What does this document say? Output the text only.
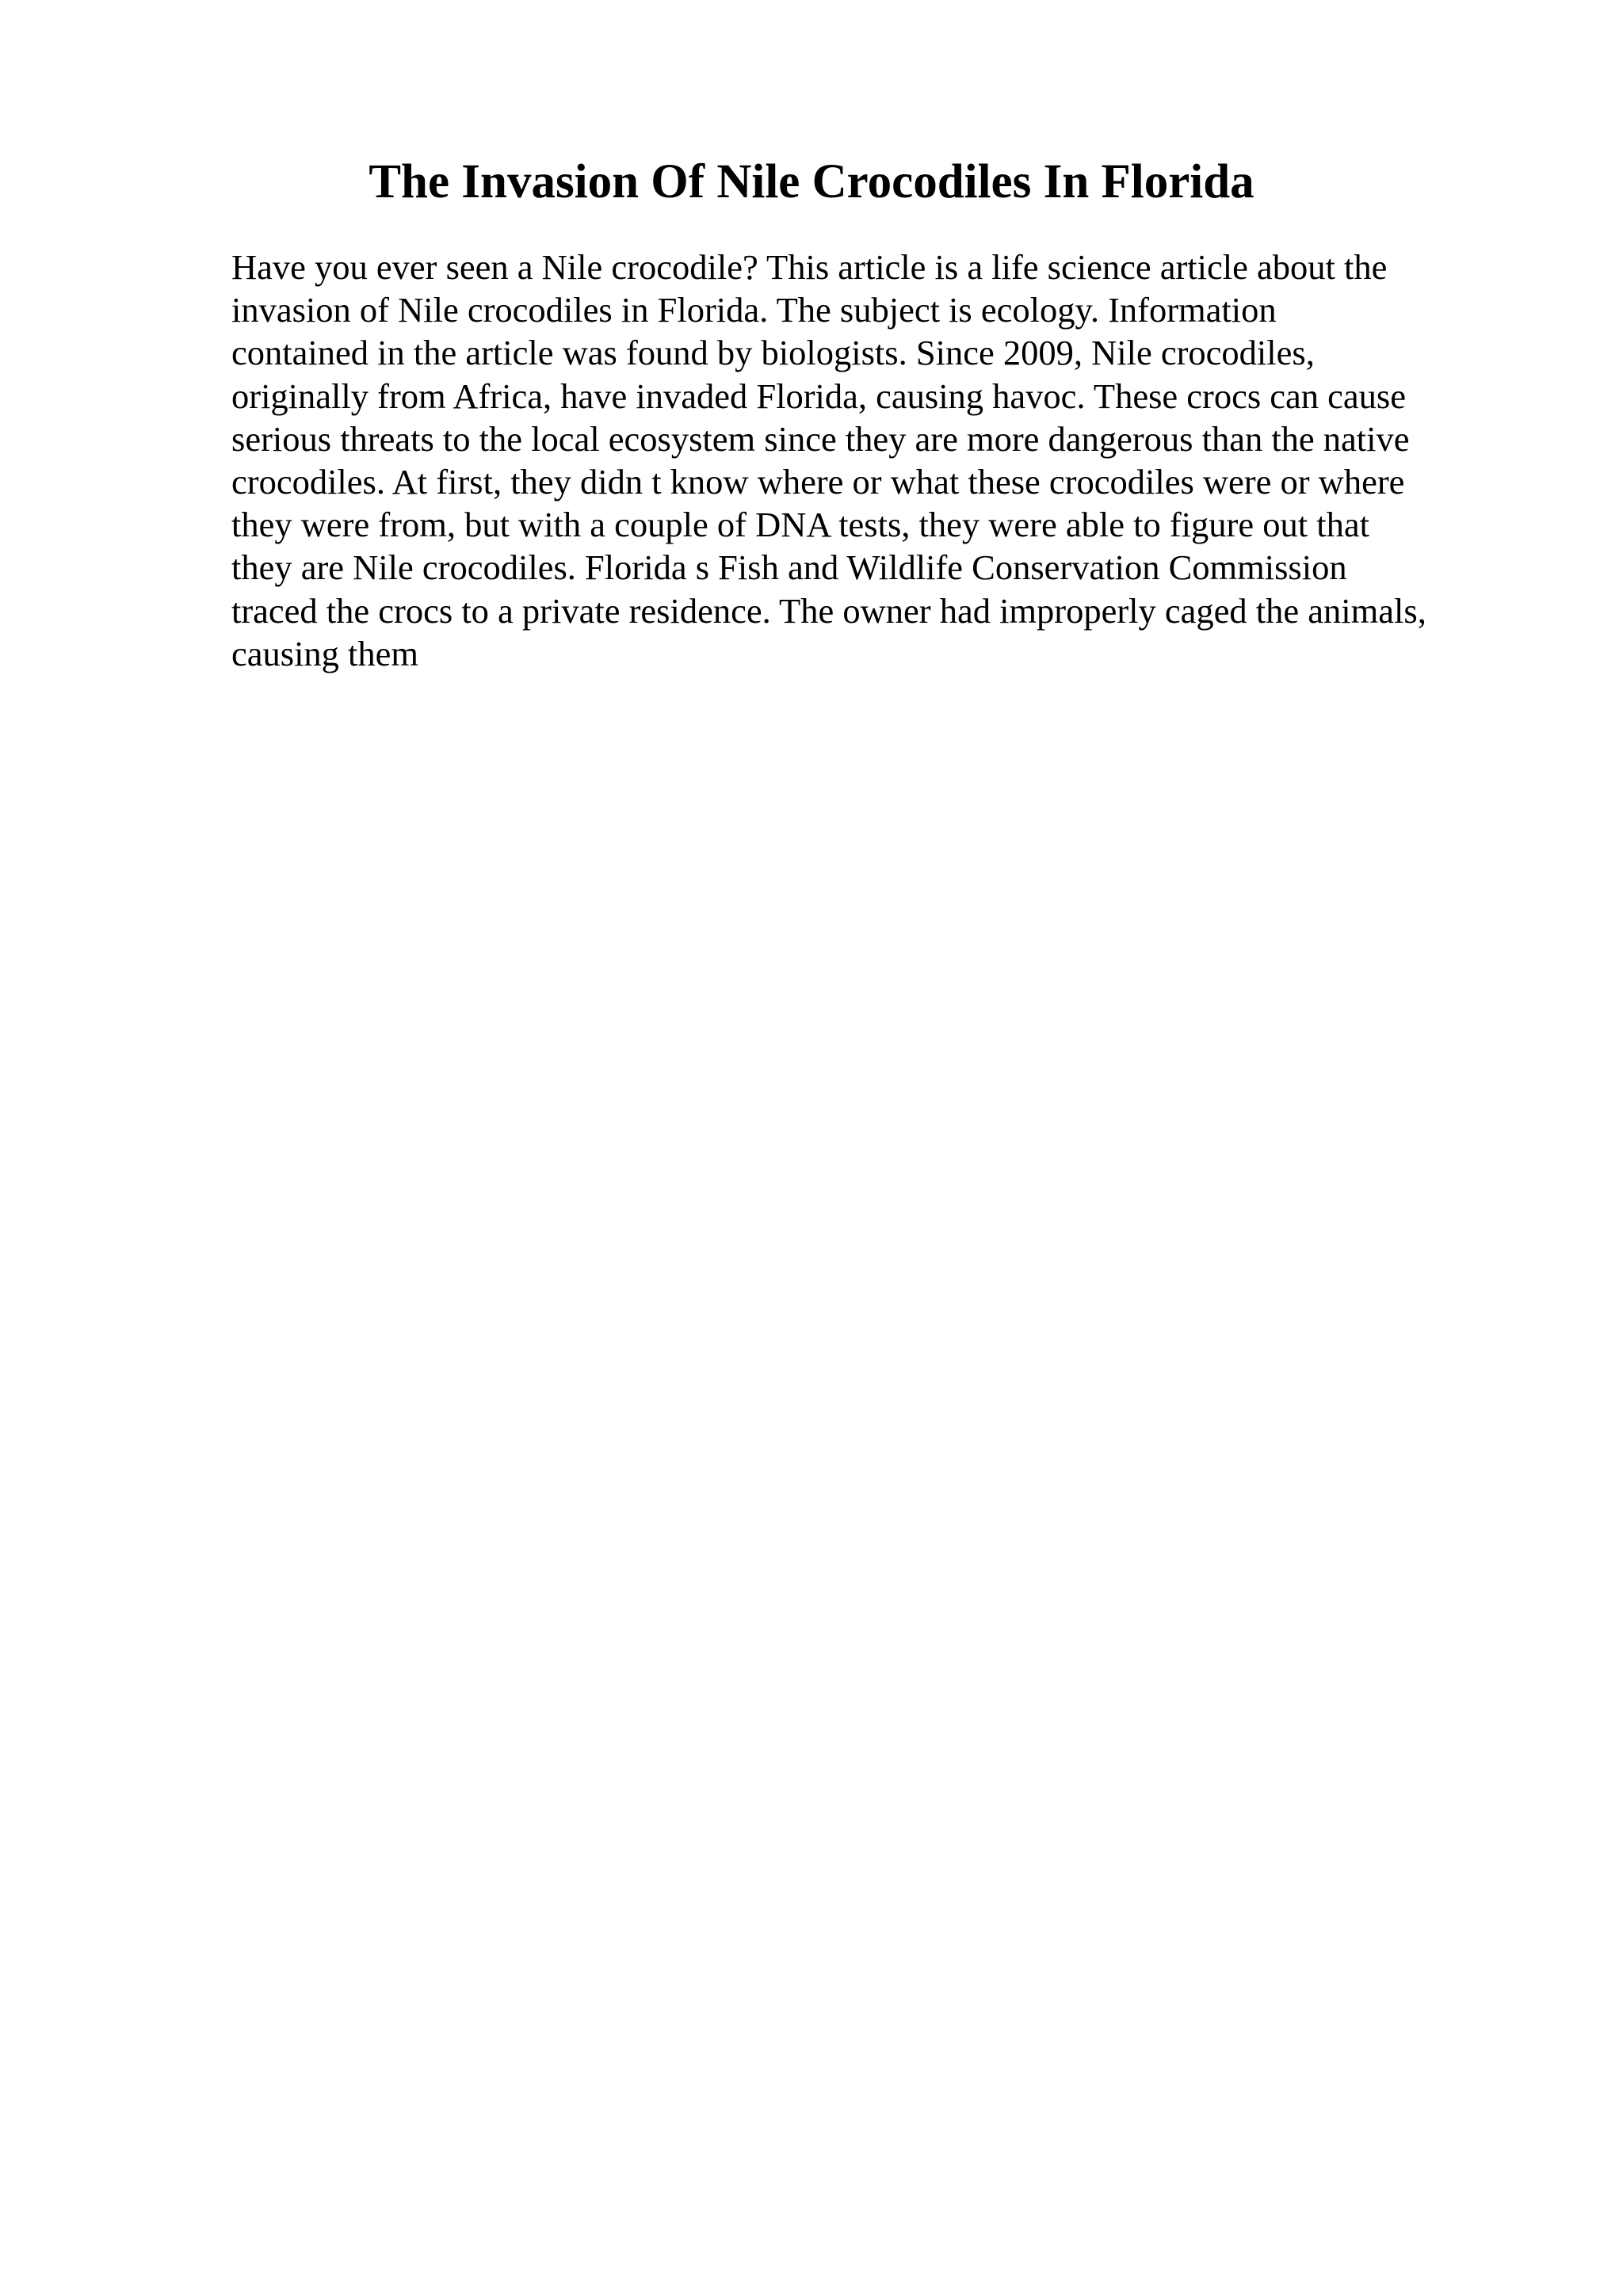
The Invasion Of Nile Crocodiles In Florida

Have you ever seen a Nile crocodile? This article is a life science article about the
invasion of Nile crocodiles in Florida. The subject is ecology. Information
contained in the article was found by biologists. Since 2009, Nile crocodiles,
originally from Africa, have invaded Florida, causing havoc. These crocs can cause
serious threats to the local ecosystem since they are more dangerous than the native
crocodiles. At first, they didn t know where or what these crocodiles were or where
they were from, but with a couple of DNA tests, they were able to figure out that
they are Nile crocodiles. Florida s Fish and Wildlife Conservation Commission
traced the crocs to a private residence. The owner had improperly caged the animals,
causing them
